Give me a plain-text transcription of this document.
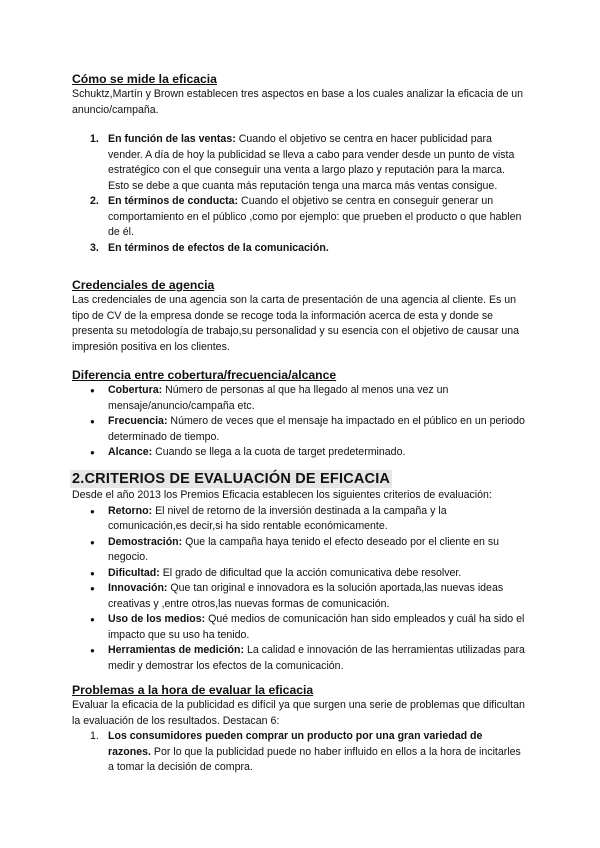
Cómo se mide la eficacia

Schuktz,Martín y Brown establecen tres aspectos en base a los cuales analizar la eficacia de un anuncio/campaña.

1. En función de las ventas: Cuando el objetivo se centra en hacer publicidad para vender. A día de hoy la publicidad se lleva a cabo para vender desde un punto de vista estratégico con el que conseguir una venta a largo plazo y reputación para la marca. Esto se debe a que cuanta más reputación tenga una marca más ventas consigue.
2. En términos de conducta: Cuando el objetivo se centra en conseguir generar un comportamiento en el público ,como por ejemplo: que prueben el producto o que hablen de él.
3. En términos de efectos de la comunicación.
Credenciales de agencia

Las credenciales de una agencia son la carta de presentación de una agencia al cliente. Es un tipo de CV de la empresa donde se recoge toda la información acerca de esta y donde se presenta su metodología de trabajo,su personalidad y su esencia con el objetivo de causar una impresión positiva en los clientes.

Diferencia entre cobertura/frecuencia/alcance
● Cobertura: Número de personas al que ha llegado al menos una vez un mensaje/anuncio/campaña etc.
● Frecuencia: Número de veces que el mensaje ha impactado en el público en un periodo determinado de tiempo.
● Alcance: Cuando se llega a la cuota de target predeterminado.
2.CRITERIOS DE EVALUACIÓN DE EFICACIA

Desde el año 2013 los Premios Eficacia establecen los siguientes criterios de evaluación:

● Retorno: El nivel de retorno de la inversión destinada a la campaña y la comunicación,es decir,si ha sido rentable económicamente.
● Demostración: Que la campaña haya tenido el efecto deseado por el cliente en su negocio.
● Dificultad: El grado de dificultad que la acción comunicativa debe resolver.
● Innovación: Que tan original e innovadora es la solución aportada,las nuevas ideas creativas y ,entre otros,las nuevas formas de comunicación.
● Uso de los medios: Qué medios de comunicación han sido empleados y cuál ha sido el impacto que su uso ha tenido.
● Herramientas de medición: La calidad e innovación de las herramientas utilizadas para medir y demostrar los efectos de la comunicación.
Problemas a la hora de evaluar la eficacia

Evaluar la eficacia de la publicidad es difícil ya que surgen una serie de problemas que dificultan la evaluación de los resultados. Destacan 6:

1. Los consumidores pueden comprar un producto por una gran variedad de razones. Por lo que la publicidad puede no haber influido en ellos a la hora de incitarles a tomar la decisión de compra.
